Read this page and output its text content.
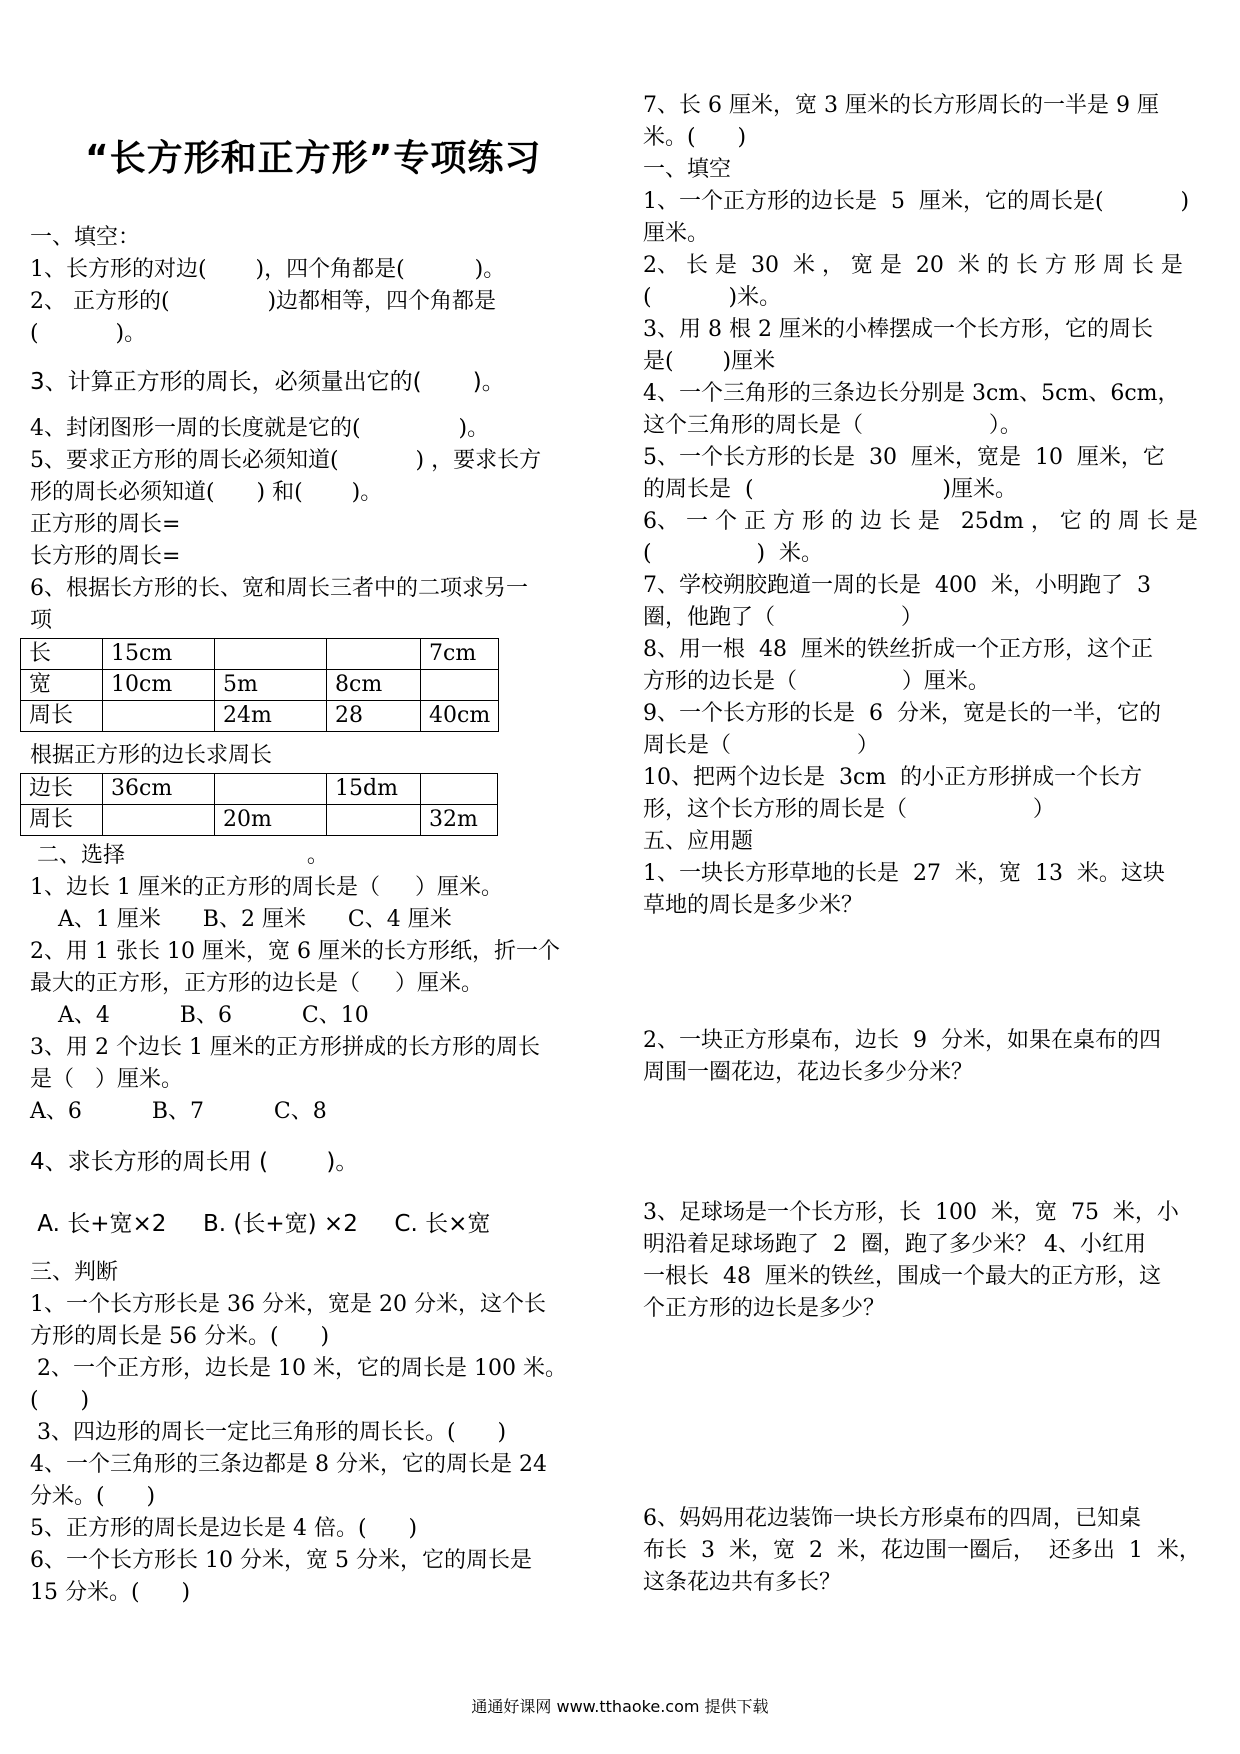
“长方形和正方形”专项练习
一、填空：
1、长方形的对边(       )，四个角都是(          )。
2、 正方形的(              )边都相等，四个角都是
(           )。
3、计算正方形的周长，必须量出它的(       )。
4、封闭图形一周的长度就是它的(              )。
5、要求正方形的周长必须知道(           ) ，要求长方
形的周长必须知道(      ) 和(       )。
正方形的周长=
长方形的周长=
6、根据长方形的长、宽和周长三者中的二项求另一
项
长	15cm			7cm
宽	10cm	5m	8cm	
周长		24m	28	40cm
根据正方形的边长求周长
边长	36cm		15dm	
周长		20m		32m
二、选择                          。
1、边长 1 厘米的正方形的周长是（     ）厘米。
A、1 厘米      B、2 厘米      C、4 厘米
2、用 1 张长 10 厘米，宽 6 厘米的长方形纸，折一个
最大的正方形，正方形的边长是（     ）厘米。
A、4          B、6          C、10
3、用 2 个边长 1 厘米的正方形拼成的长方形的周长
是（   ）厘米。
A、6          B、7          C、8
4、求长方形的周长用 (        )。
A. 长+宽×2     B. (长+宽) ×2     C. 长×宽
三、判断
1、一个长方形长是 36 分米，宽是 20 分米，这个长
方形的周长是 56 分米。(      )
2、一个正方形，边长是 10 米，它的周长是 100 米。
(      )
3、四边形的周长一定比三角形的周长长。(      )
4、一个三角形的三条边都是 8 分米，它的周长是 24
分米。(      )
5、正方形的周长是边长是 4 倍。(      )
6、一个长方形长 10 分米，宽 5 分米，它的周长是
15 分米。(      )
7、长 6 厘米，宽 3 厘米的长方形周长的一半是 9 厘
米。(      )
一、填空
1、一个正方形的边长是  5  厘米，它的周长是(           )
厘米。
2、 长 是  30  米 ， 宽 是  20  米 的 长 方 形 周 长 是
(           )米。
3、用 8 根 2 厘米的小棒摆成一个长方形，它的周长
是(       )厘米
4、一个三角形的三条边长分别是 3cm、5cm、6cm，
这个三角形的周长是（                  ）。
5、一个长方形的长是  30  厘米，宽是  10  厘米，它
的周长是  (                           )厘米。
6、 一 个 正 方 形 的 边 长 是   25dm ， 它 的 周 长 是
(               )  米。
7、学校朔胶跑道一周的长是  400  米，小明跑了  3
圈，他跑了（                  ）
8、用一根  48  厘米的铁丝折成一个正方形，这个正
方形的边长是（               ）厘米。
9、一个长方形的长是  6  分米，宽是长的一半，它的
周长是（                  ）
10、把两个边长是  3cm  的小正方形拼成一个长方
形，这个长方形的周长是（                  ）
五、应用题
1、一块长方形草地的长是  27  米，宽  13  米。这块
草地的周长是多少米？
2、一块正方形桌布，边长  9  分米，如果在桌布的四
周围一圈花边，花边长多少分米？
3、足球场是一个长方形，长  100  米，宽  75  米，小
明沿着足球场跑了  2  圈，跑了多少米？ 4、小红用
一根长  48  厘米的铁丝，围成一个最大的正方形，这
个正方形的边长是多少？
6、妈妈用花边装饰一块长方形桌布的四周，已知桌
布长  3  米，宽  2  米，花边围一圈后，  还多出  1  米，
这条花边共有多长？
通通好课网 www.tthaoke.com 提供下载
